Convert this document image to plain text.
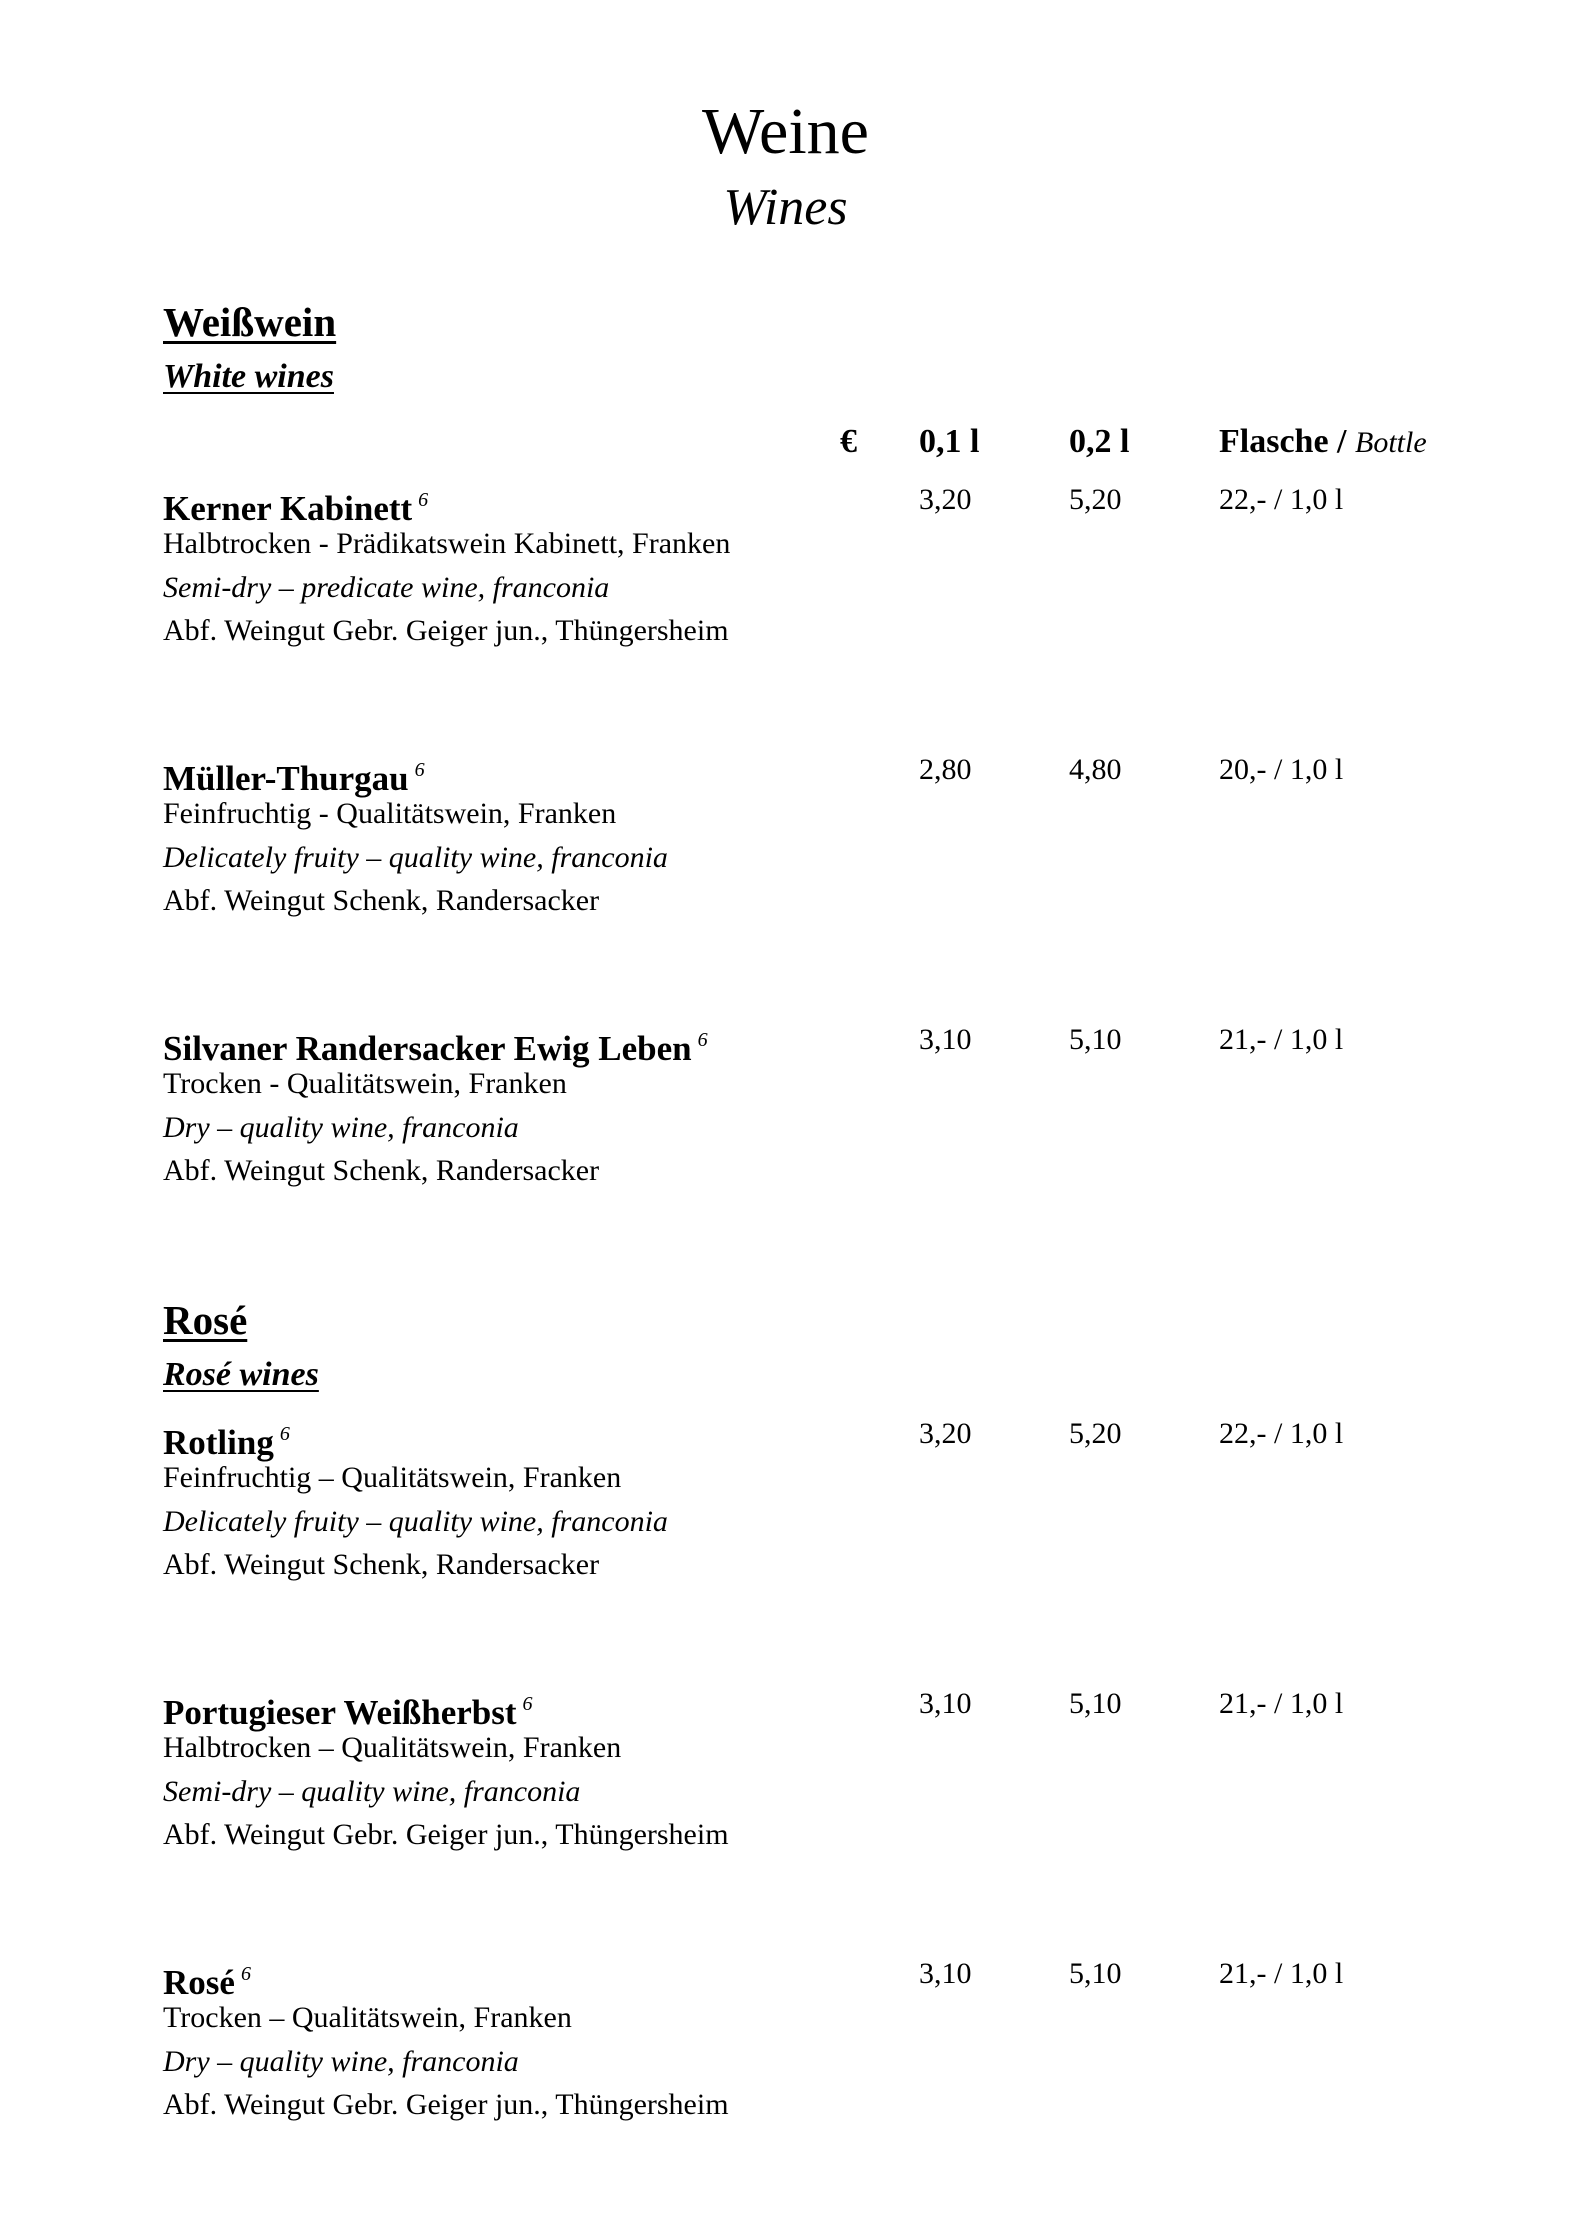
Weine
Wines
Weißwein
White wines
€ 0,1 l	0,2 l	Flasche / Bottle
Kerner Kabinett $^6$
Halbtrocken - Prädikatswein Kabinett, Franken
Semi-dry – predicate wine, franconia
Abf. Weingut Gebr. Geiger jun., Thüngersheim
3,20	5,20	22,- / 1,0 l
Müller-Thurgau $^6$
Feinfruchtig - Qualitätswein, Franken
Delicately fruity – quality wine, franconia
Abf. Weingut Schenk, Randersacker
2,80	4,80	20,- / 1,0 l
Silvaner Randersacker Ewig Leben $^6$
Trocken - Qualitätswein, Franken
Dry – quality wine, franconia
Abf. Weingut Schenk, Randersacker
3,10	5,10	21,- / 1,0 l
Rosé
Rosé wines
Rotling $^6$
Feinfruchtig – Qualitätswein, Franken
Delicately fruity – quality wine, franconia
Abf. Weingut Schenk, Randersacker
3,20	5,20	22,- / 1,0 l
Portugieser Weißherbst $^6$
Halbtrocken – Qualitätswein, Franken
Semi-dry – quality wine, franconia
Abf. Weingut Gebr. Geiger jun., Thüngersheim
3,10	5,10	21,- / 1,0 l
Rosé $^6$
Trocken – Qualitätswein, Franken
Dry – quality wine, franconia
Abf. Weingut Gebr. Geiger jun., Thüngersheim
3,10	5,10	21,- / 1,0 l
